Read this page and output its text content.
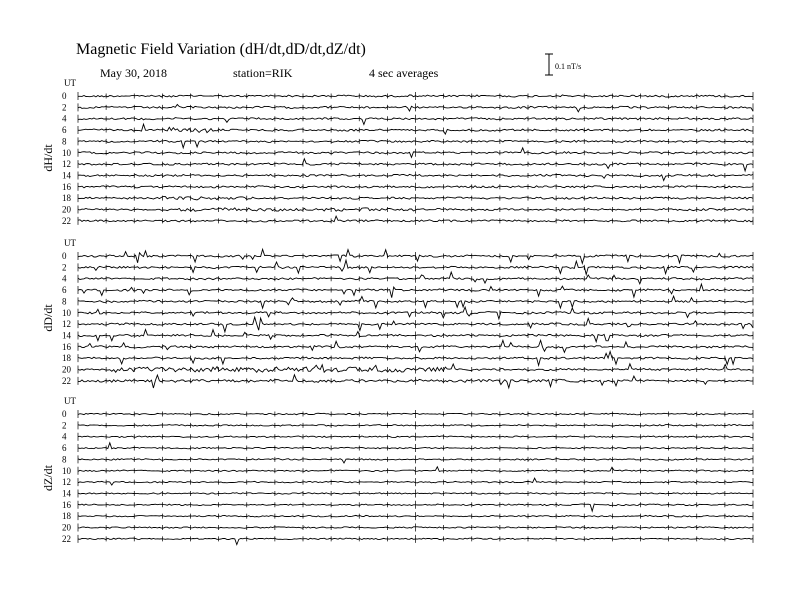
Magnetic Field Variation (dH/dt,dD/dt,dZ/dt)
May 30, 2018	station=RIK	4 sec averages	0.1 nT/s
UT
dH/dt
0
2
4
6
8
10
12
14
16
18
20
22
UT
dD/dt
0
2
4
6
8
10
12
14
16
18
20
22
UT
dZ/dt
0
2
4
6
8
10
12
14
16
18
20
22
